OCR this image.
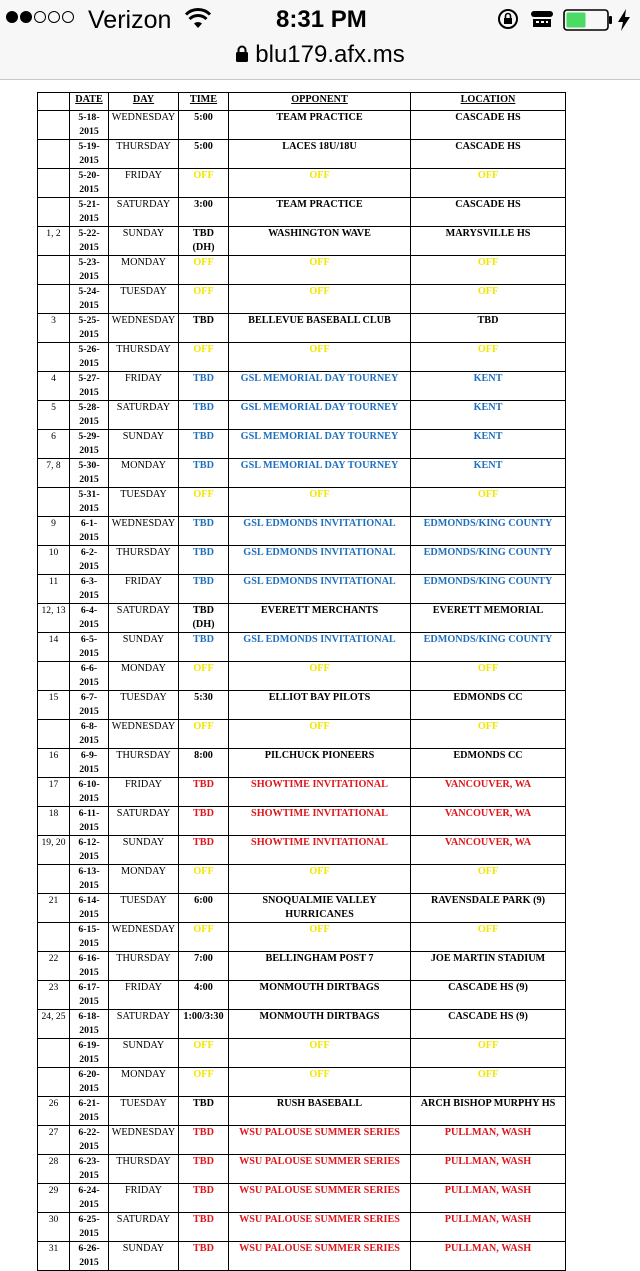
Verizon	8:31 PM
blu179.afx.ms
	DATE	DAY	TIME	OPPONENT	LOCATION
	5-18-2015	WEDNESDAY	5:00	TEAM PRACTICE	CASCADE HS
	5-19-2015	THURSDAY	5:00	LACES 18U/18U	CASCADE HS
	5-20-2015	FRIDAY	OFF	OFF	OFF
	5-21-2015	SATURDAY	3:00	TEAM PRACTICE	CASCADE HS
1, 2	5-22-2015	SUNDAY	TBD (DH)	WASHINGTON WAVE	MARYSVILLE HS
	5-23-2015	MONDAY	OFF	OFF	OFF
	5-24-2015	TUESDAY	OFF	OFF	OFF
3	5-25-2015	WEDNESDAY	TBD	BELLEVUE BASEBALL CLUB	TBD
	5-26-2015	THURSDAY	OFF	OFF	OFF
4	5-27-2015	FRIDAY	TBD	GSL MEMORIAL DAY TOURNEY	KENT
5	5-28-2015	SATURDAY	TBD	GSL MEMORIAL DAY TOURNEY	KENT
6	5-29-2015	SUNDAY	TBD	GSL MEMORIAL DAY TOURNEY	KENT
7, 8	5-30-2015	MONDAY	TBD	GSL MEMORIAL DAY TOURNEY	KENT
	5-31-2015	TUESDAY	OFF	OFF	OFF
9	6-1-2015	WEDNESDAY	TBD	GSL EDMONDS INVITATIONAL	EDMONDS/KING COUNTY
10	6-2-2015	THURSDAY	TBD	GSL EDMONDS INVITATIONAL	EDMONDS/KING COUNTY
11	6-3-2015	FRIDAY	TBD	GSL EDMONDS INVITATIONAL	EDMONDS/KING COUNTY
12, 13	6-4-2015	SATURDAY	TBD (DH)	EVERETT MERCHANTS	EVERETT MEMORIAL
14	6-5-2015	SUNDAY	TBD	GSL EDMONDS INVITATIONAL	EDMONDS/KING COUNTY
	6-6-2015	MONDAY	OFF	OFF	OFF
15	6-7-2015	TUESDAY	5:30	ELLIOT BAY PILOTS	EDMONDS CC
	6-8-2015	WEDNESDAY	OFF	OFF	OFF
16	6-9-2015	THURSDAY	8:00	PILCHUCK PIONEERS	EDMONDS CC
17	6-10-2015	FRIDAY	TBD	SHOWTIME INVITATIONAL	VANCOUVER, WA
18	6-11-2015	SATURDAY	TBD	SHOWTIME INVITATIONAL	VANCOUVER, WA
19, 20	6-12-2015	SUNDAY	TBD	SHOWTIME INVITATIONAL	VANCOUVER, WA
	6-13-2015	MONDAY	OFF	OFF	OFF
21	6-14-2015	TUESDAY	6:00	SNOQUALMIE VALLEY HURRICANES	RAVENSDALE PARK (9)
	6-15-2015	WEDNESDAY	OFF	OFF	OFF
22	6-16-2015	THURSDAY	7:00	BELLINGHAM POST 7	JOE MARTIN STADIUM
23	6-17-2015	FRIDAY	4:00	MONMOUTH DIRTBAGS	CASCADE HS (9)
24, 25	6-18-2015	SATURDAY	1:00/3:30	MONMOUTH DIRTBAGS	CASCADE HS (9)
	6-19-2015	SUNDAY	OFF	OFF	OFF
	6-20-2015	MONDAY	OFF	OFF	OFF
26	6-21-2015	TUESDAY	TBD	RUSH BASEBALL	ARCH BISHOP MURPHY HS
27	6-22-2015	WEDNESDAY	TBD	WSU PALOUSE SUMMER SERIES	PULLMAN, WASH
28	6-23-2015	THURSDAY	TBD	WSU PALOUSE SUMMER SERIES	PULLMAN, WASH
29	6-24-2015	FRIDAY	TBD	WSU PALOUSE SUMMER SERIES	PULLMAN, WASH
30	6-25-2015	SATURDAY	TBD	WSU PALOUSE SUMMER SERIES	PULLMAN, WASH
31	6-26-2015	SUNDAY	TBD	WSU PALOUSE SUMMER SERIES	PULLMAN, WASH
